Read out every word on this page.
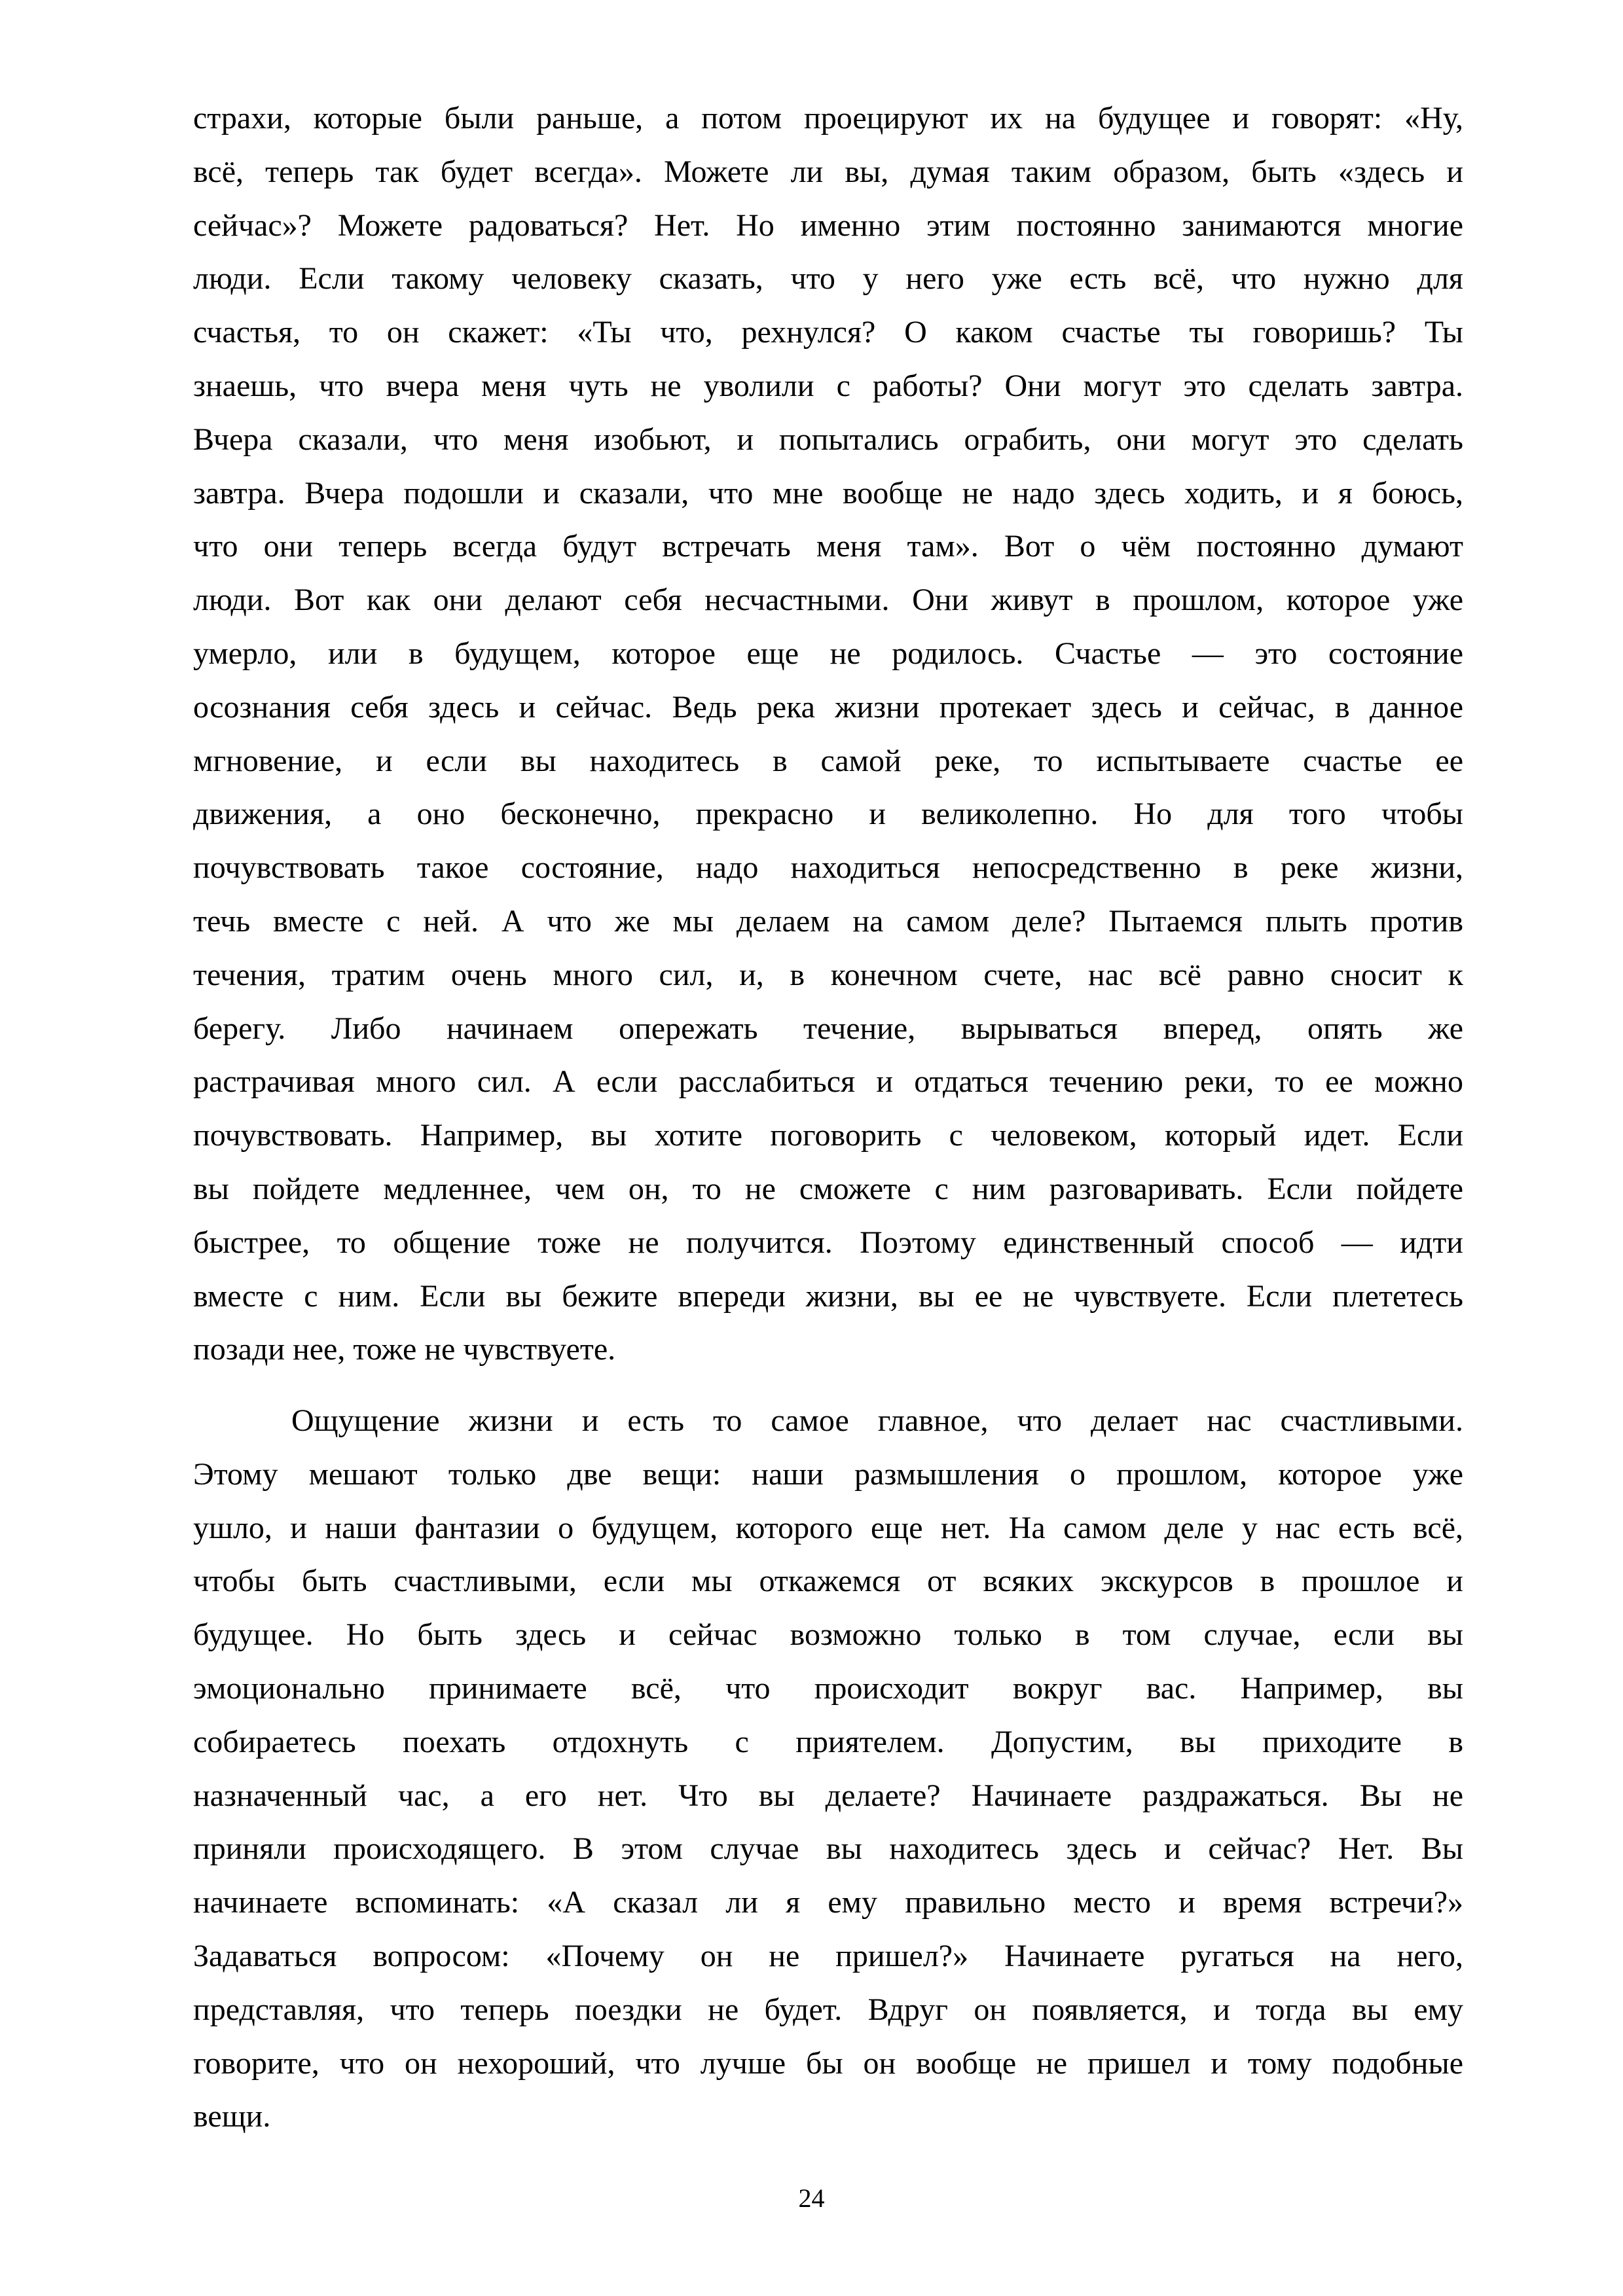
страхи, которые были раньше, а потом проецируют их на будущее и говорят: «Ну,
всё, теперь так будет всегда». Можете ли вы, думая таким образом, быть «здесь и
сейчас»? Можете радоваться? Нет. Но именно этим постоянно занимаются многие
люди. Если такому человеку сказать, что у него уже есть всё, что нужно для
счастья, то он скажет: «Ты что, рехнулся? О каком счастье ты говоришь? Ты
знаешь, что вчера меня чуть не уволили с работы? Они могут это сделать завтра.
Вчера сказали, что меня изобьют, и попытались ограбить, они могут это сделать
завтра. Вчера подошли и сказали, что мне вообще не надо здесь ходить, и я боюсь,
что они теперь всегда будут встречать меня там». Вот о чём постоянно думают
люди. Вот как они делают себя несчастными. Они живут в прошлом, которое уже
умерло, или в будущем, которое еще не родилось. Счастье — это состояние
осознания себя здесь и сейчас. Ведь река жизни протекает здесь и сейчас, в данное
мгновение, и если вы находитесь в самой реке, то испытываете счастье ее
движения, а оно бесконечно, прекрасно и великолепно. Но для того чтобы
почувствовать такое состояние, надо находиться непосредственно в реке жизни,
течь вместе с ней. А что же мы делаем на самом деле? Пытаемся плыть против
течения, тратим очень много сил, и, в конечном счете, нас всё равно сносит к
берегу. Либо начинаем опережать течение, вырываться вперед, опять же
растрачивая много сил. А если расслабиться и отдаться течению реки, то ее можно
почувствовать. Например, вы хотите поговорить с человеком, который идет. Если
вы пойдете медленнее, чем он, то не сможете с ним разговаривать. Если пойдете
быстрее, то общение тоже не получится. Поэтому единственный способ — идти
вместе с ним. Если вы бежите впереди жизни, вы ее не чувствуете. Если плететесь
позади нее, тоже не чувствуете.
Ощущение жизни и есть то самое главное, что делает нас счастливыми.
Этому мешают только две вещи: наши размышления о прошлом, которое уже
ушло, и наши фантазии о будущем, которого еще нет. На самом деле у нас есть всё,
чтобы быть счастливыми, если мы откажемся от всяких экскурсов в прошлое и
будущее. Но быть здесь и сейчас возможно только в том случае, если вы
эмоционально принимаете всё, что происходит вокруг вас. Например, вы
собираетесь поехать отдохнуть с приятелем. Допустим, вы приходите в
назначенный час, а его нет. Что вы делаете? Начинаете раздражаться. Вы не
приняли происходящего. В этом случае вы находитесь здесь и сейчас? Нет. Вы
начинаете вспоминать: «А сказал ли я ему правильно место и время встречи?»
Задаваться вопросом: «Почему он не пришел?» Начинаете ругаться на него,
представляя, что теперь поездки не будет. Вдруг он появляется, и тогда вы ему
говорите, что он нехороший, что лучше бы он вообще не пришел и тому подобные
вещи.
24
